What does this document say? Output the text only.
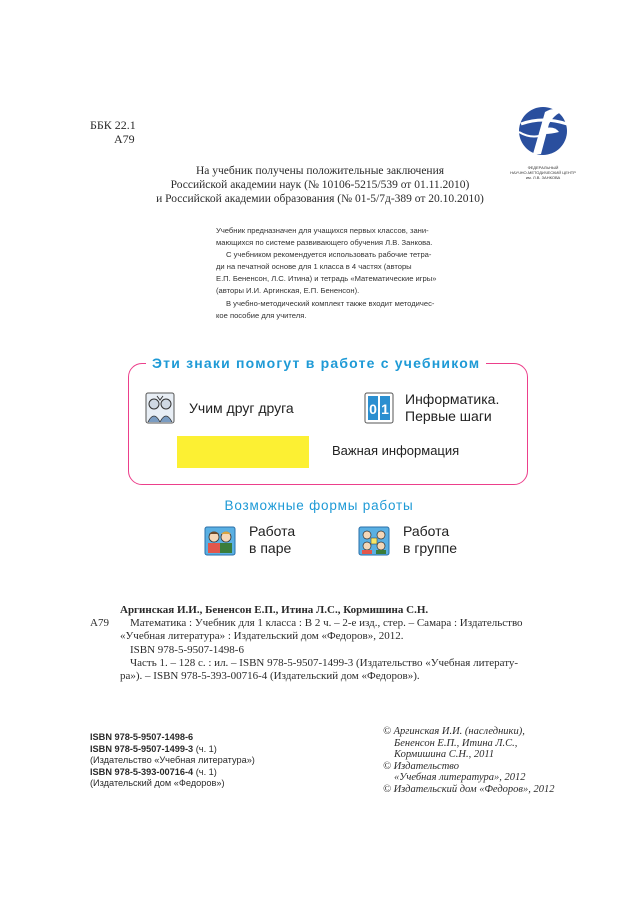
ББК 22.1
А79
ФЕДЕРАЛЬНЫЙ
НАУЧНО-МЕТОДИЧЕСКИЙ ЦЕНТР
им. Л.В. ЗАНКОВА
На учебник получены положительные заключения
Российской академии наук (№ 10106-5215/539 от 01.11.2010)
и Российской академии образования (№ 01-5/7д-389 от 20.10.2010)

Учебник предназначен для учащихся первых классов, зани-
мающихся по системе развивающего обучения Л.В. Занкова.

С учебником рекомендуется использовать рабочие тетра-
ди на печатной основе для 1 класса в 4 частях (авторы
Е.П. Бененсон, Л.С. Итина) и тетрадь «Математические игры»
(авторы И.И. Аргинская, Е.П. Бененсон).

В учебно-методический комплект также входит методичес-
кое пособие для учителя.

Эти знаки помогут в работе с учебником
Учим друг друга	0 1
Информатика.
Первые шаги
Важная информация
Возможные формы работы
Работа
в паре
Работа
в группе
Аргинская И.И., Бененсон Е.П., Итина Л.С., Кормишина С.Н.
А79 Математика : Учебник для 1 класса : В 2 ч. – 2-е изд., стер. – Самара : Издательство
«Учебная литература» : Издательский дом «Федоров», 2012.
ISBN 978-5-9507-1498-6
Часть 1. – 128 с. : ил. – ISBN 978-5-9507-1499-3 (Издательство «Учебная литерату-
ра»). – ISBN 978-5-393-00716-4 (Издательский дом «Федоров»).
ISBN 978-5-9507-1498-6
ISBN 978-5-9507-1499-3 (ч. 1)
(Издательство «Учебная литература»)
ISBN 978-5-393-00716-4 (ч. 1)
(Издательский дом «Федоров»)
© Аргинская И.И. (наследники),
Бененсон Е.П., Итина Л.С.,
Кормишина С.Н., 2011
© Издательство
«Учебная литература», 2012
© Издательский дом «Федоров», 2012
